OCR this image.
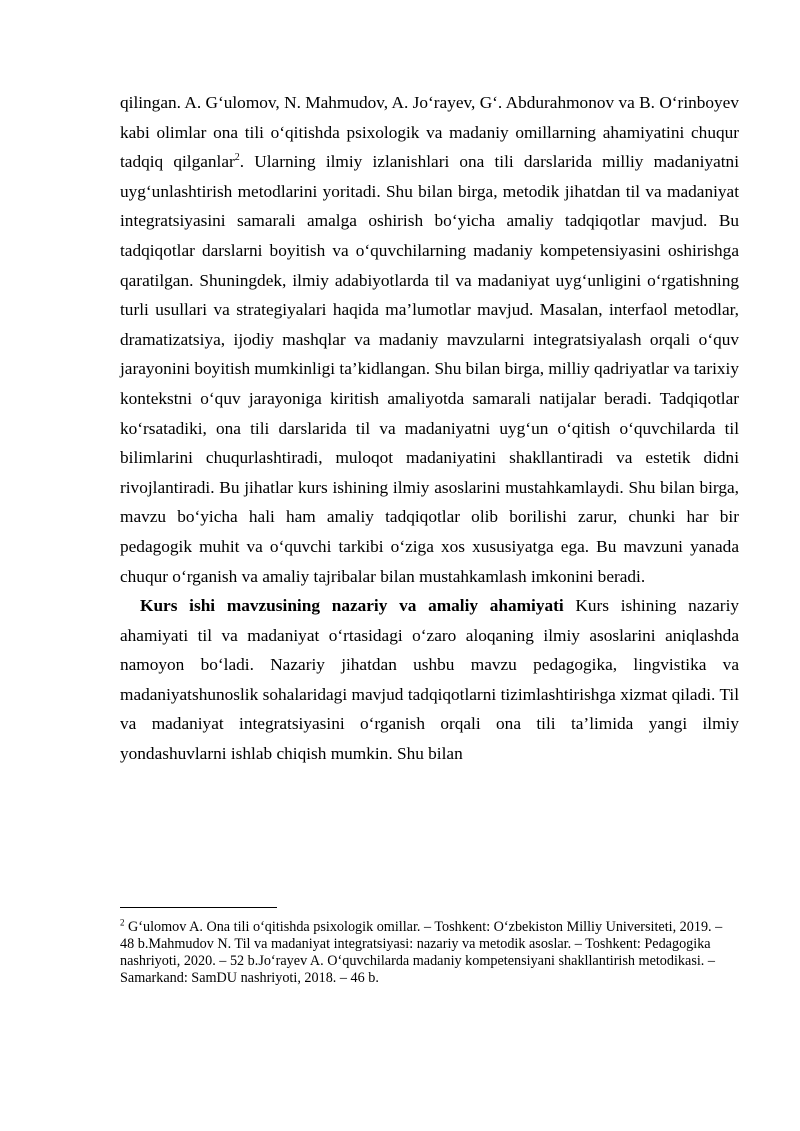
qilingan. A. G‘ulomov, N. Mahmudov, A. Jo‘rayev, G‘. Abdurahmonov va B. O‘rinboyev kabi olimlar ona tili o‘qitishda psixologik va madaniy omillarning ahamiyatini chuqur tadqiq qilganlar$^2$. Ularning ilmiy izlanishlari ona tili darslarida milliy madaniyatni uyg‘unlashtirish metodlarini yoritadi. Shu bilan birga, metodik jihatdan til va madaniyat integratsiyasini samarali amalga oshirish bo‘yicha amaliy tadqiqotlar mavjud. Bu tadqiqotlar darslarni boyitish va o‘quvchilarning madaniy kompetensiyasini oshirishga qaratilgan. Shuningdek, ilmiy adabiyotlarda til va madaniyat uyg‘unligini o‘rgatishning turli usullari va strategiyalari haqida ma’lumotlar mavjud. Masalan, interfaol metodlar, dramatizatsiya, ijodiy mashqlar va madaniy mavzularni integratsiyalash orqali o‘quv jarayonini boyitish mumkinligi ta’kidlangan. Shu bilan birga, milliy qadriyatlar va tarixiy kontekstni o‘quv jarayoniga kiritish amaliyotda samarali natijalar beradi. Tadqiqotlar ko‘rsatadiki, ona tili darslarida til va madaniyatni uyg‘un o‘qitish o‘quvchilarda til bilimlarini chuqurlashtiradi, muloqot madaniyatini shakllantiradi va estetik didni rivojlantiradi. Bu jihatlar kurs ishining ilmiy asoslarini mustahkamlaydi. Shu bilan birga, mavzu bo‘yicha hali ham amaliy tadqiqotlar olib borilishi zarur, chunki har bir pedagogik muhit va o‘quvchi tarkibi o‘ziga xos xususiyatga ega. Bu mavzuni yanada chuqur o‘rganish va amaliy tajribalar bilan mustahkamlash imkonini beradi.

Kurs ishi mavzusining nazariy va amaliy ahamiyati Kurs ishining nazariy ahamiyati til va madaniyat o‘rtasidagi o‘zaro aloqaning ilmiy asoslarini aniqlashda namoyon bo‘ladi. Nazariy jihatdan ushbu mavzu pedagogika, lingvistika va madaniyatshunoslik sohalaridagi mavjud tadqiqotlarni tizimlashtirishga xizmat qiladi. Til va madaniyat integratsiyasini o‘rganish orqali ona tili ta’limida yangi ilmiy yondashuvlarni ishlab chiqish mumkin. Shu bilan

$^2$ G‘ulomov A. Ona tili o‘qitishda psixologik omillar. – Toshkent: O‘zbekiston Milliy Universiteti, 2019. – 48 b.Mahmudov N. Til va madaniyat integratsiyasi: nazariy va metodik asoslar. – Toshkent: Pedagogika nashriyoti, 2020. – 52 b.Jo‘rayev A. O‘quvchilarda madaniy kompetensiyani shakllantirish metodikasi. – Samarkand: SamDU nashriyoti, 2018. – 46 b.
